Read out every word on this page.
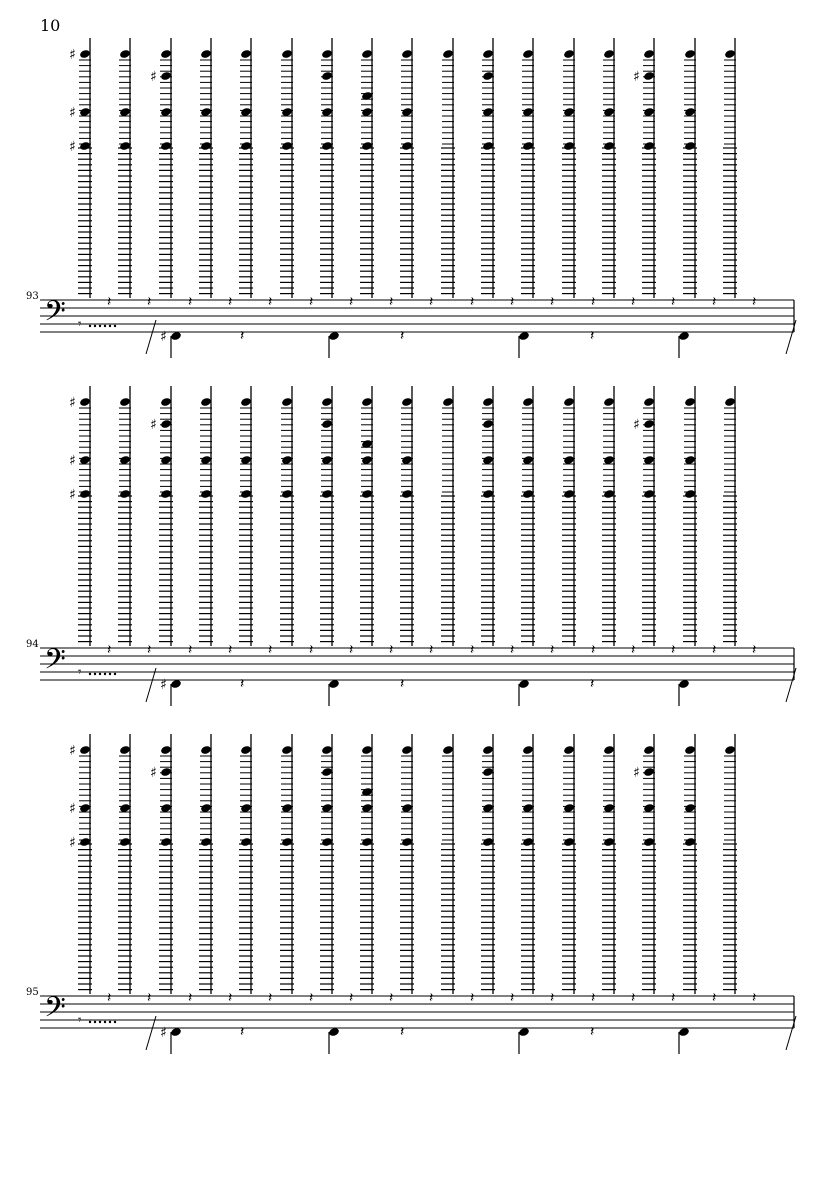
10
93
94
95
𝄢
♯
♯
♯
♯	♯
𝄽	𝄽	𝄽	𝄽	𝄽	𝄽	𝄽	𝄽	𝄽	𝄽	𝄽	𝄽	𝄽	𝄽	𝄽	𝄽	𝄽
𝄾
♯	𝄽	𝄽	𝄽
𝄢
♯
♯
♯
♯	♯
𝄽	𝄽	𝄽	𝄽	𝄽	𝄽	𝄽	𝄽	𝄽	𝄽	𝄽	𝄽	𝄽	𝄽	𝄽	𝄽	𝄽
𝄾
♯	𝄽	𝄽	𝄽
𝄢
♯
♯
♯
♯	♯
𝄽	𝄽	𝄽	𝄽	𝄽	𝄽	𝄽	𝄽	𝄽	𝄽	𝄽	𝄽	𝄽	𝄽	𝄽	𝄽	𝄽
𝄾
♯	𝄽	𝄽	𝄽
